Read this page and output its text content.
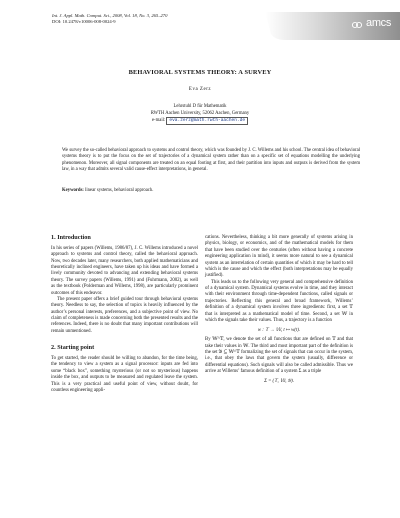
Int. J. Appl. Math. Comput. Sci., 2008, Vol. 18, No. 3, 265–270
DOI: 10.2478/v10006-008-0024-9	amcs
BEHAVIORAL SYSTEMS THEORY: A SURVEY
Eva Zerz
Lehrstuhl D für Mathematik
RWTH Aachen University, 52062 Aachen, Germany
e-mail: eva.zerz@math.rwth-aachen.de
We survey the so-called behavioral approach to systems and control theory, which was founded by J. C. Willems and his school. The central idea of behavioral systems theory is to put the focus on the set of trajectories of a dynamical system rather than on a specific set of equations modelling the underlying phenomenon. Moreover, all signal components are treated on an equal footing at first, and their partition into inputs and outputs is derived from the system law, in a way that admits several valid cause-effect interpretations, in general.
Keywords: linear systems, behavioral approach.
1. Introduction

In his series of papers (Willems, 1986/87), J. C. Willems introduced a novel approach to systems and control theory, called the behavioral approach. Now, two decades later, many researchers, both applied mathematicians and theoretically inclined engineers, have taken up his ideas and have formed a lively community devoted to advancing and extending behavioral systems theory. The survey papers (Willems, 1991) and (Fuhrmann, 2002), as well as the textbook (Polderman and Willems, 1998), are particularly prominent outcomes of this endeavor.

The present paper offers a brief guided tour through behavioral systems theory. Needless to say, the selection of topics is heavily influenced by the author’s personal interests, preferences, and a subjective point of view. No claim of completeness is made concerning both the presented results and the references. Indeed, there is no doubt that many important contributions will remain unmentioned.

2. Starting point

To get started, the reader should be willing to abandon, for the time being, the tendency to view a system as a signal processor: inputs are fed into some “black box”, something mysterious (or not so mysterious) happens inside the box, and outputs to be measured and regulated leave the system. This is a very practical and useful point of view, without doubt, for countless engineering appli-

cations. Nevertheless, thinking a bit more generally of systems arising in physics, biology, or economics, and of the mathematical models for them that have been studied over the centuries (often without having a concrete engineering application in mind), it seems more natural to see a dynamical system as an interrelation of certain quantities of which it may be hard to tell which is the cause and which the effect (both interpretations may be equally justified).

This leads us to the following very general and comprehensive definition of a dynamical system. Dynamical systems evolve in time, and they interact with their environment through time-dependent functions, called signals or trajectories. Reflecting this general and broad framework, Willems’ definition of a dynamical system involves three ingredients: first, a set 𝕋 that is interpreted as a mathematical model of time. Second, a set 𝕎 in which the signals take their values. Thus, a trajectory is a function

w : 𝕋 → 𝕎, t ↦ w(t).

By 𝕎^𝕋, we denote the set of all functions that are defined on 𝕋 and that take their values in 𝕎. The third and most important part of the definition is the set 𝔅 ⊆ 𝕎^𝕋 formalizing the set of signals that can occur in the system, i.e., that obey the laws that govern the system (usually, difference or differential equations). Such signals will also be called admissible. Thus we arrive at Willems’ famous definition of a system Σ as a triple

Σ = (𝕋, 𝕎, 𝔅).
